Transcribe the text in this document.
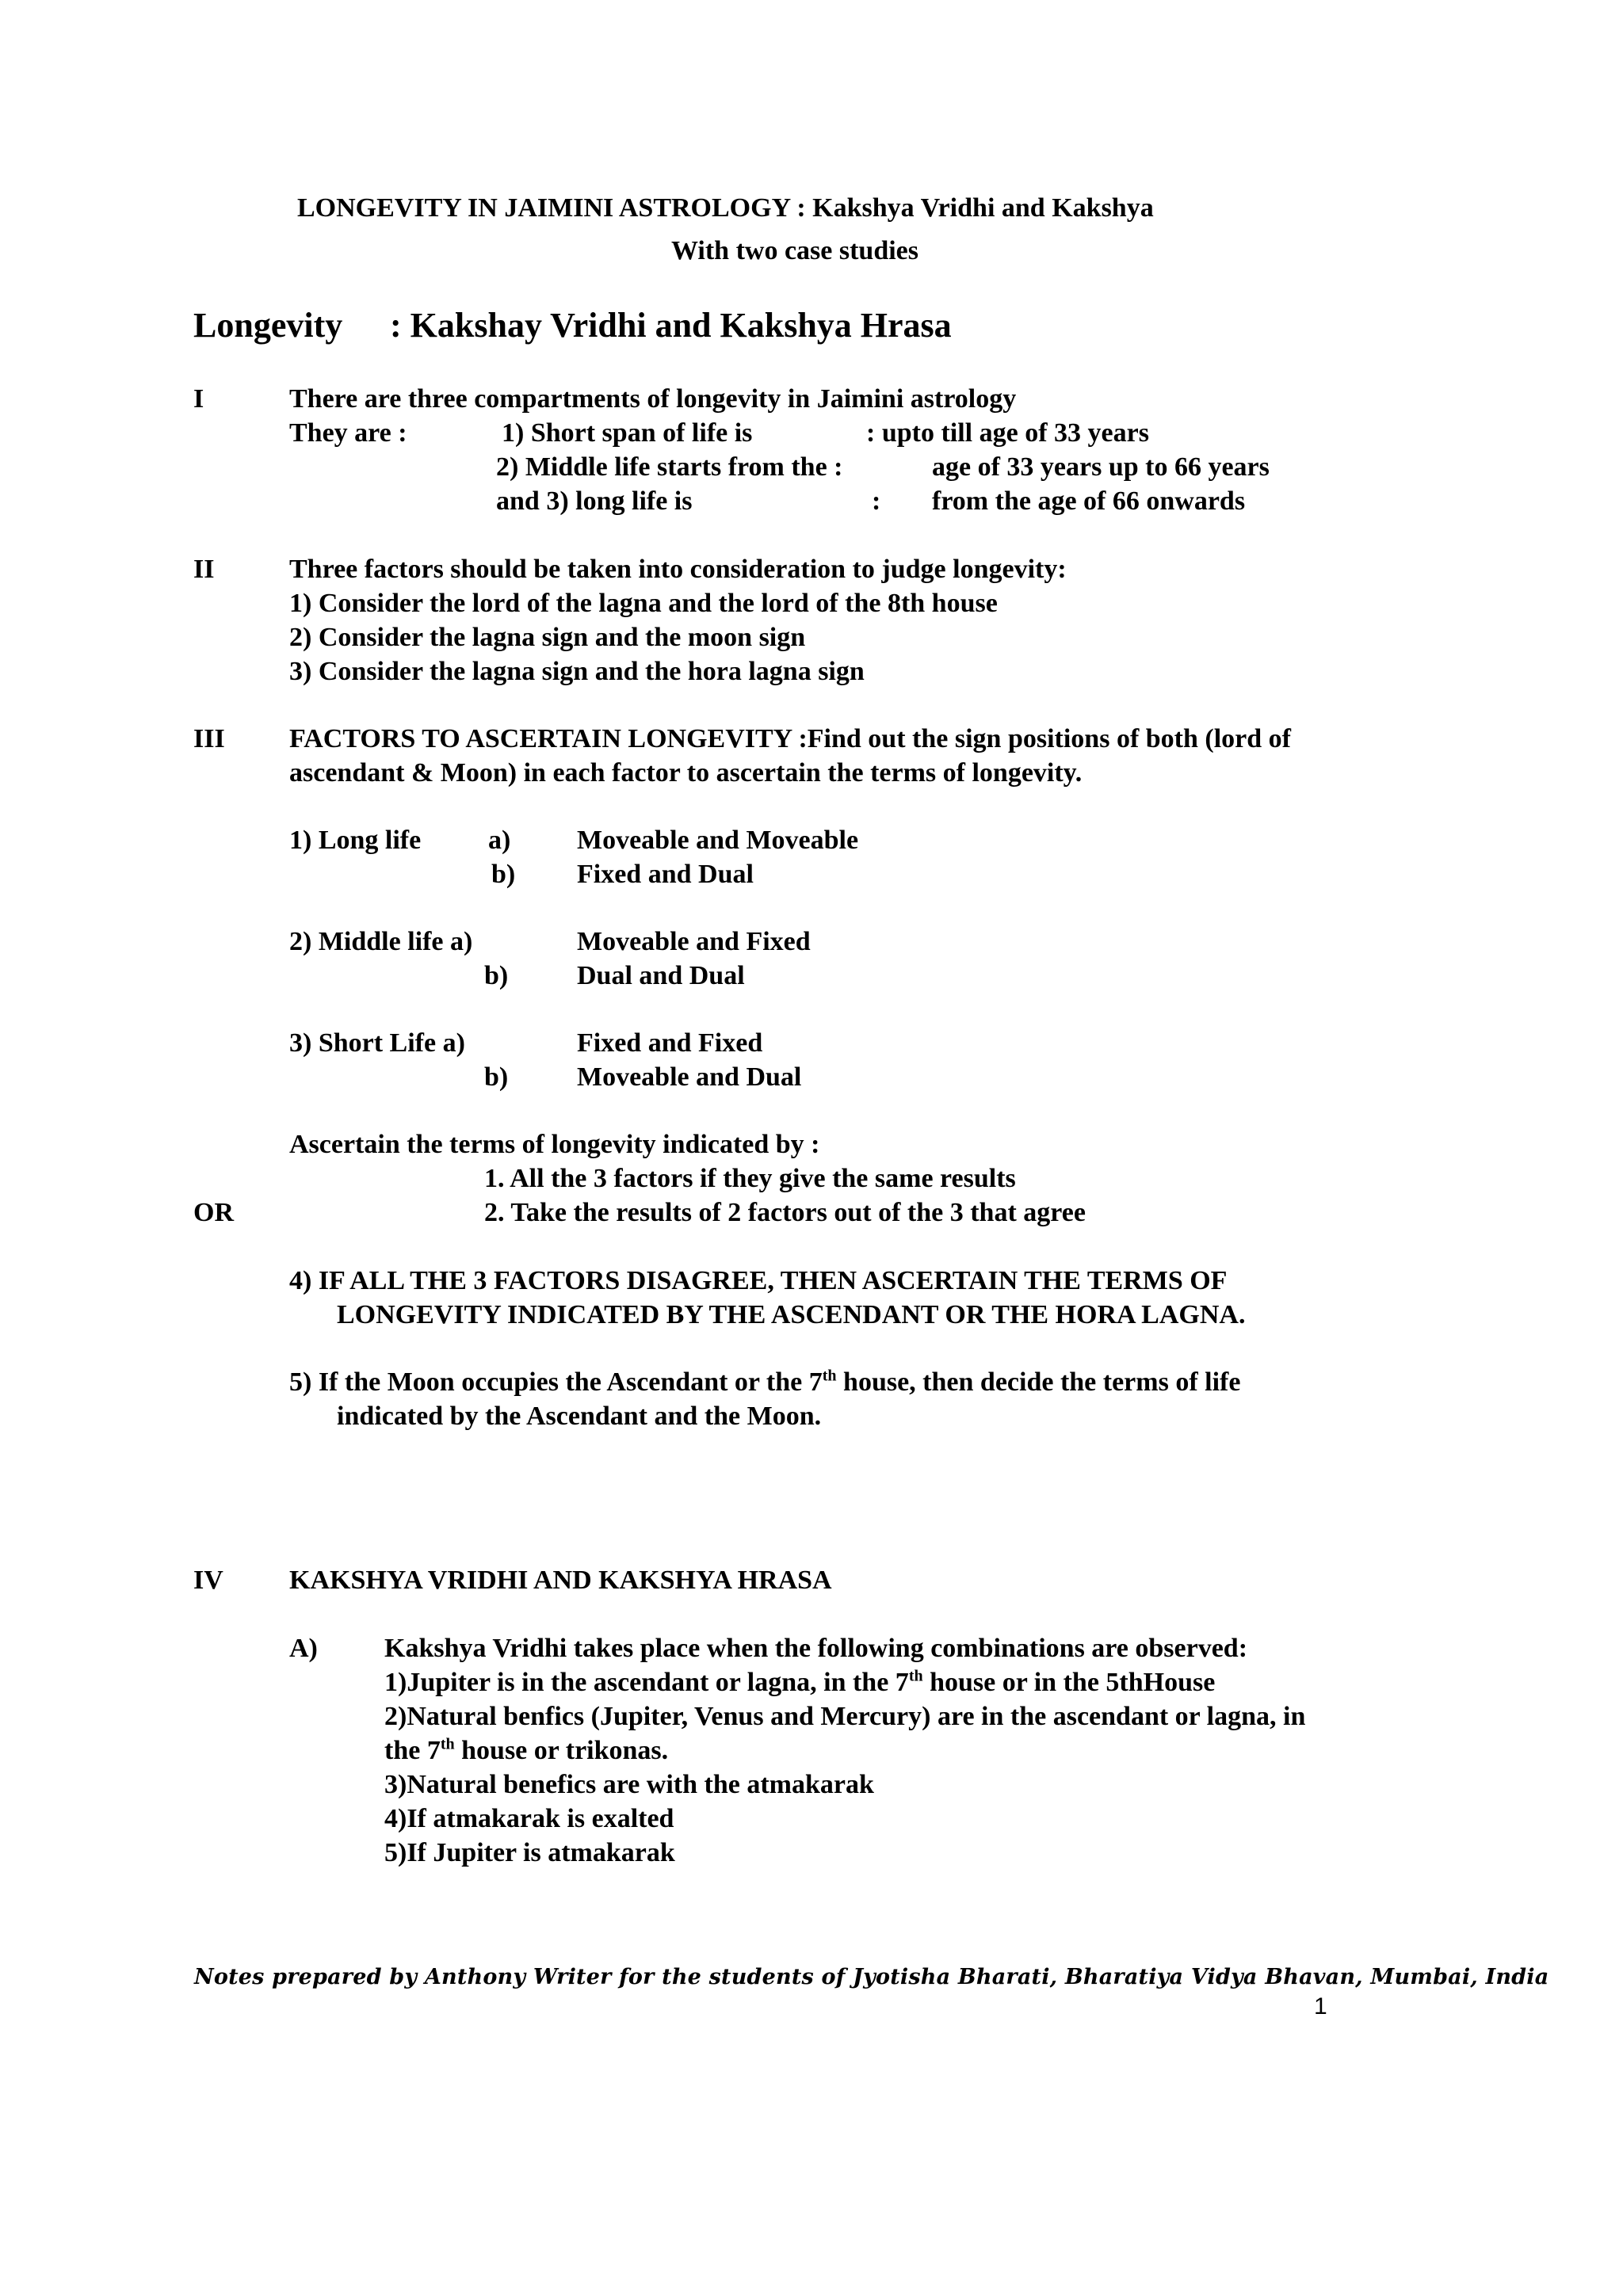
LONGEVITY IN JAIMINI ASTROLOGY : Kakshya Vridhi and Kakshya
With two case studies
Longevity : Kakshay Vridhi and Kakshya Hrasa
I	There are three compartments of longevity in Jaimini astrology
They are :	1) Short span of life is	: upto till age of 33 years
2) Middle life starts from the :	age of 33 years up to 66 years
and 3) long life is	: from the age of 66 onwards
II	Three factors should be taken into consideration to judge longevity:
1) Consider the lord of the lagna and the lord of the 8th house
2) Consider the lagna sign and the moon sign
3) Consider the lagna sign and the hora lagna sign
III FACTORS TO ASCERTAIN LONGEVITY :Find out the sign positions of both (lord of
ascendant & Moon) in each factor to ascertain the terms of longevity.
1) Long life a) Moveable and Moveable
b) Fixed and Dual
2) Middle life a)	Moveable and Fixed
b)	Dual and Dual
3) Short Life a)	Fixed and Fixed
b)	Moveable and Dual
Ascertain the terms of longevity indicated by :
1. All the 3 factors if they give the same results
OR	2. Take the results of 2 factors out of the 3 that agree
4) IF ALL THE 3 FACTORS DISAGREE, THEN ASCERTAIN THE TERMS OF
LONGEVITY INDICATED BY THE ASCENDANT OR THE HORA LAGNA.
5) If the Moon occupies the Ascendant or the 7th house, then decide the terms of life
indicated by the Ascendant and the Moon.
IV KAKSHYA VRIDHI AND KAKSHYA HRASA
A) Kakshya Vridhi takes place when the following combinations are observed:
1)Jupiter is in the ascendant or lagna, in the 7th house or in the 5thHouse
2)Natural benfics (Jupiter, Venus and Mercury) are in the ascendant or lagna, in
the 7th house or trikonas.
3)Natural benefics are with the atmakarak
4)If atmakarak is exalted
5)If Jupiter is atmakarak
Notes prepared by Anthony Writer for the students of Jyotisha Bharati, Bharatiya Vidya Bhavan, Mumbai, India
1
